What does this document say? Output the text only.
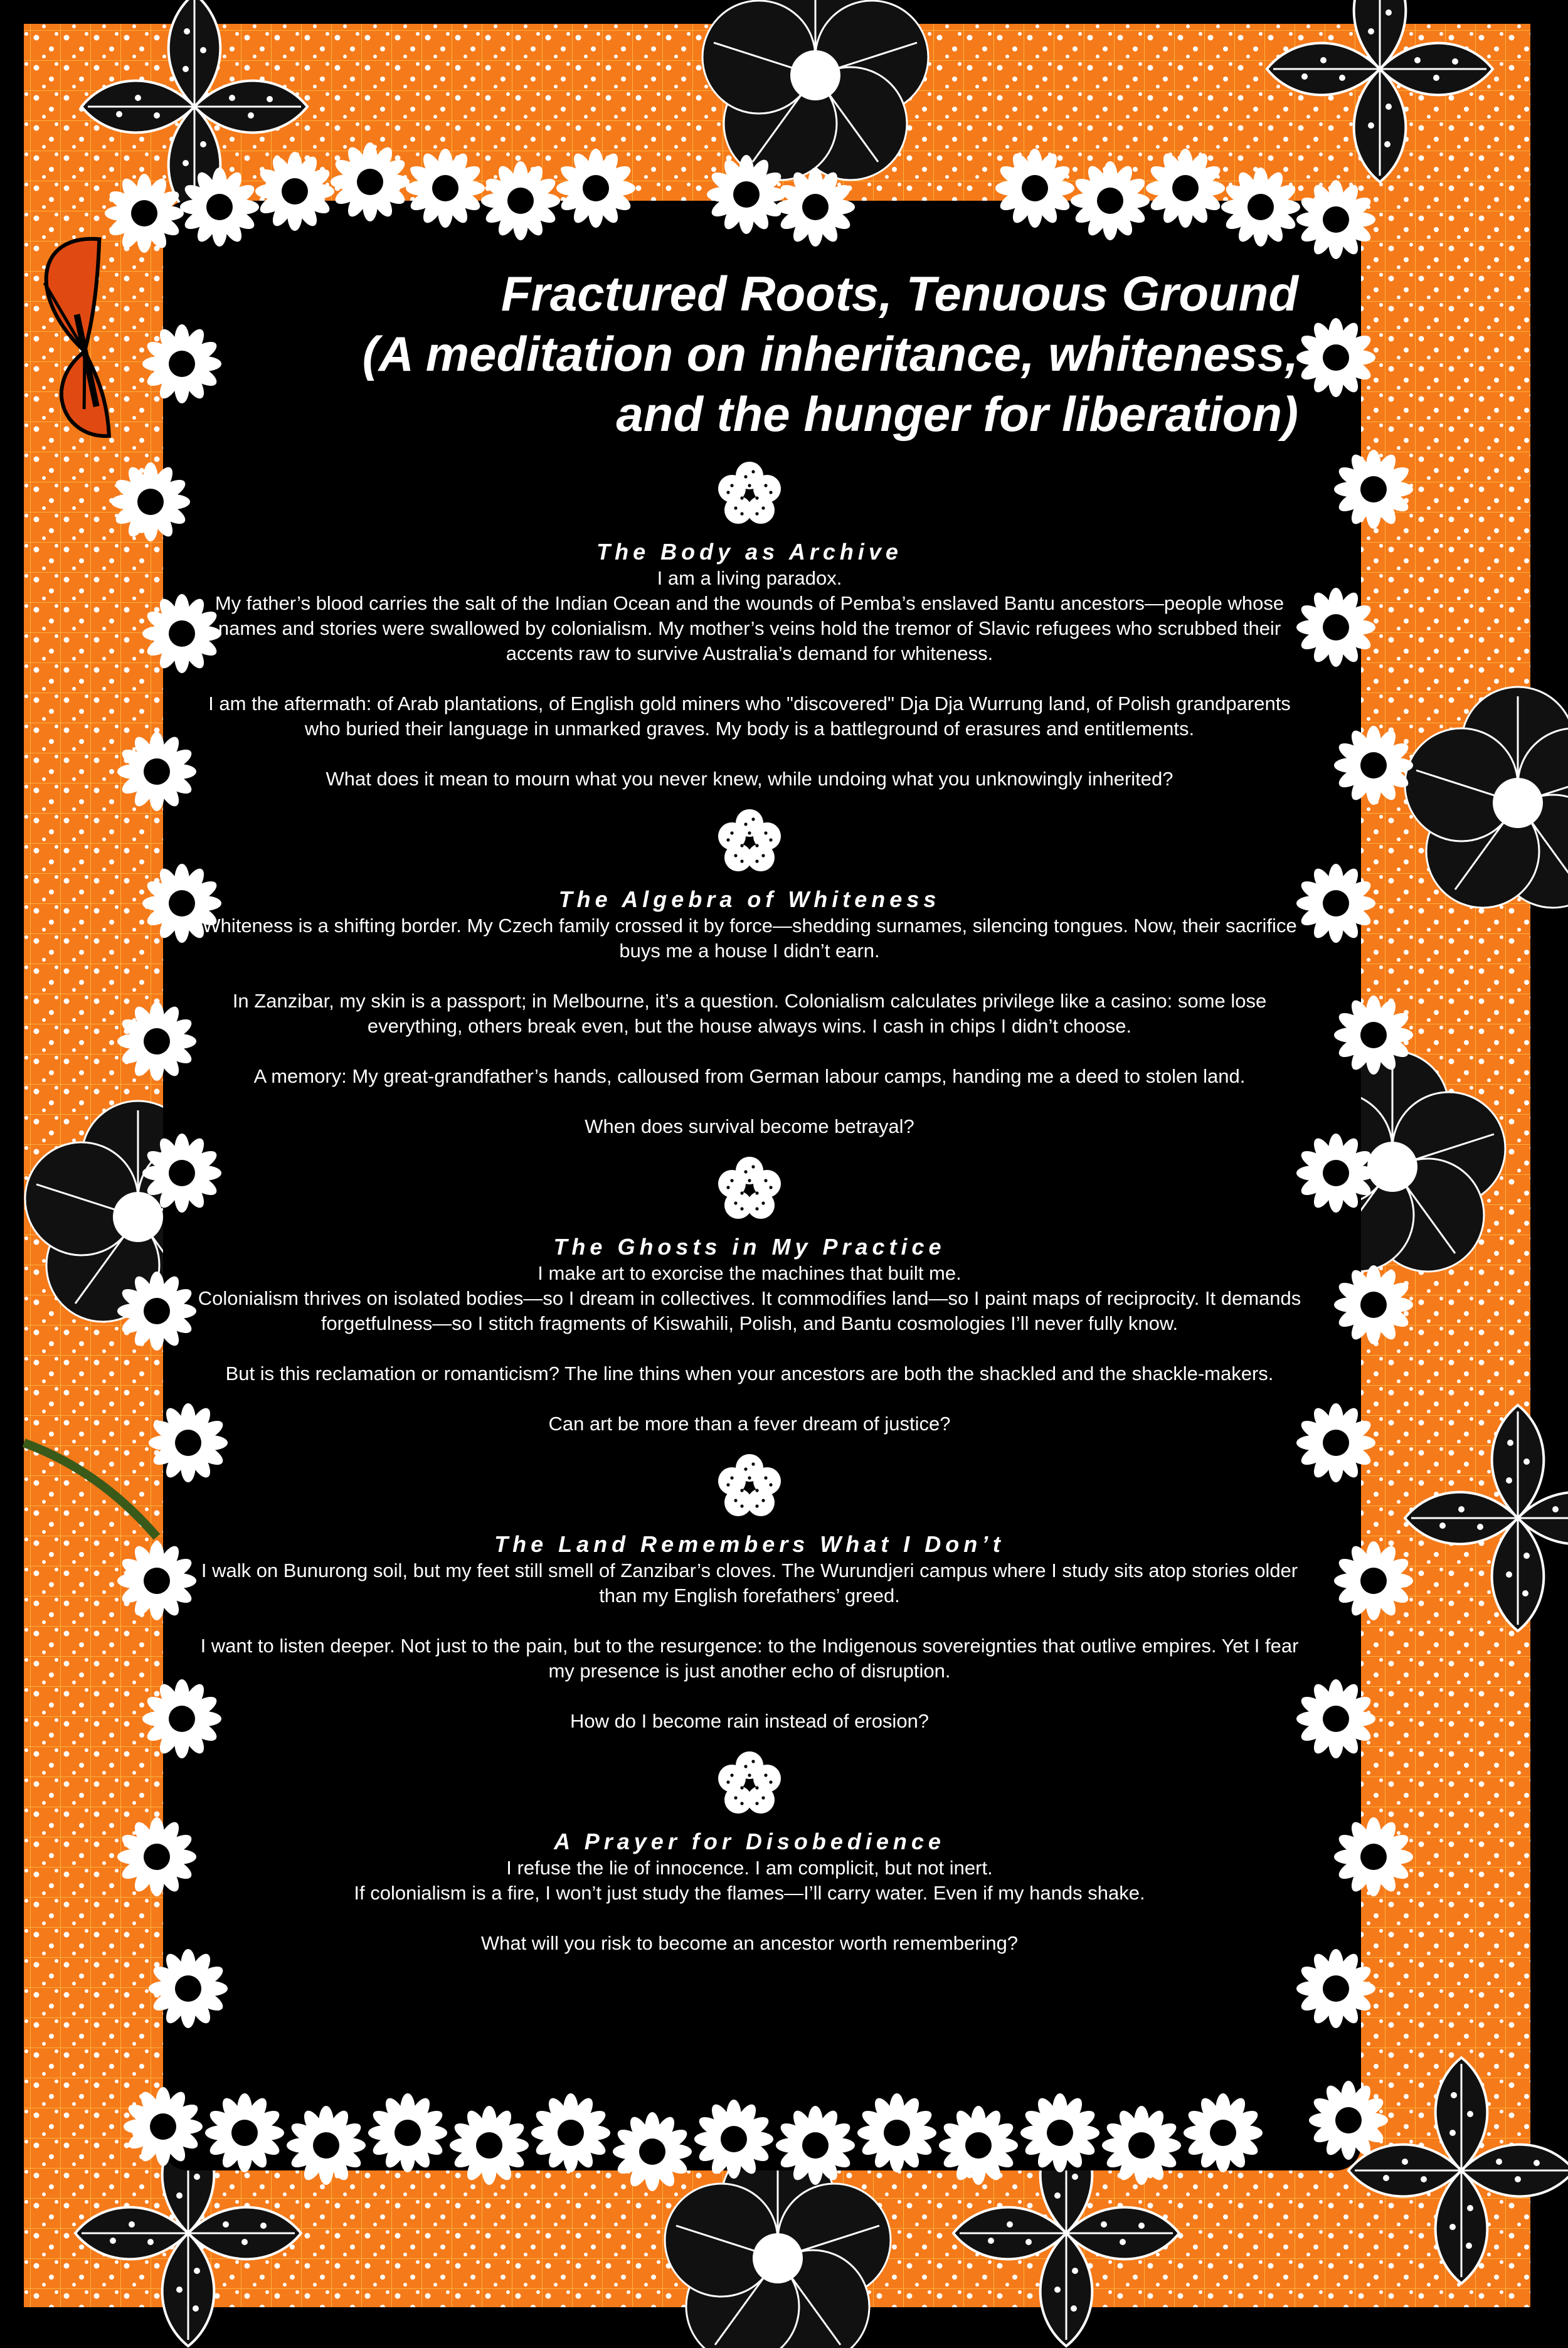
Fractured Roots, Tenuous Ground
(A meditation on inheritance, whiteness,
and the hunger for liberation)

The Body as Archive

I am a living paradox.

My father’s blood carries the salt of the Indian Ocean and the wounds of Pemba’s enslaved Bantu ancestors—people whose names and stories were swallowed by colonialism. My mother’s veins hold the tremor of Slavic refugees who scrubbed their accents raw to survive Australia’s demand for whiteness.

I am the aftermath: of Arab plantations, of English gold miners who "discovered" Dja Dja Wurrung land, of Polish grandparents who buried their language in unmarked graves. My body is a battleground of erasures and entitlements.

What does it mean to mourn what you never knew, while undoing what you unknowingly inherited?

The Algebra of Whiteness

Whiteness is a shifting border. My Czech family crossed it by force—shedding surnames, silencing tongues. Now, their sacrifice buys me a house I didn’t earn.

In Zanzibar, my skin is a passport; in Melbourne, it’s a question. Colonialism calculates privilege like a casino: some lose everything, others break even, but the house always wins. I cash in chips I didn’t choose.

A memory: My great-grandfather’s hands, calloused from German labour camps, handing me a deed to stolen land.

When does survival become betrayal?

The Ghosts in My Practice

I make art to exorcise the machines that built me.

Colonialism thrives on isolated bodies—so I dream in collectives. It commodifies land—so I paint maps of reciprocity. It demands forgetfulness—so I stitch fragments of Kiswahili, Polish, and Bantu cosmologies I’ll never fully know.

But is this reclamation or romanticism? The line thins when your ancestors are both the shackled and the shackle-makers.

Can art be more than a fever dream of justice?

The Land Remembers What I Don’t

I walk on Bunurong soil, but my feet still smell of Zanzibar’s cloves. The Wurundjeri campus where I study sits atop stories older than my English forefathers’ greed.

I want to listen deeper. Not just to the pain, but to the resurgence: to the Indigenous sovereignties that outlive empires. Yet I fear my presence is just another echo of disruption.

How do I become rain instead of erosion?

A Prayer for Disobedience

I refuse the lie of innocence. I am complicit, but not inert.

If colonialism is a fire, I won’t just study the flames—I’ll carry water. Even if my hands shake.

What will you risk to become an ancestor worth remembering?
